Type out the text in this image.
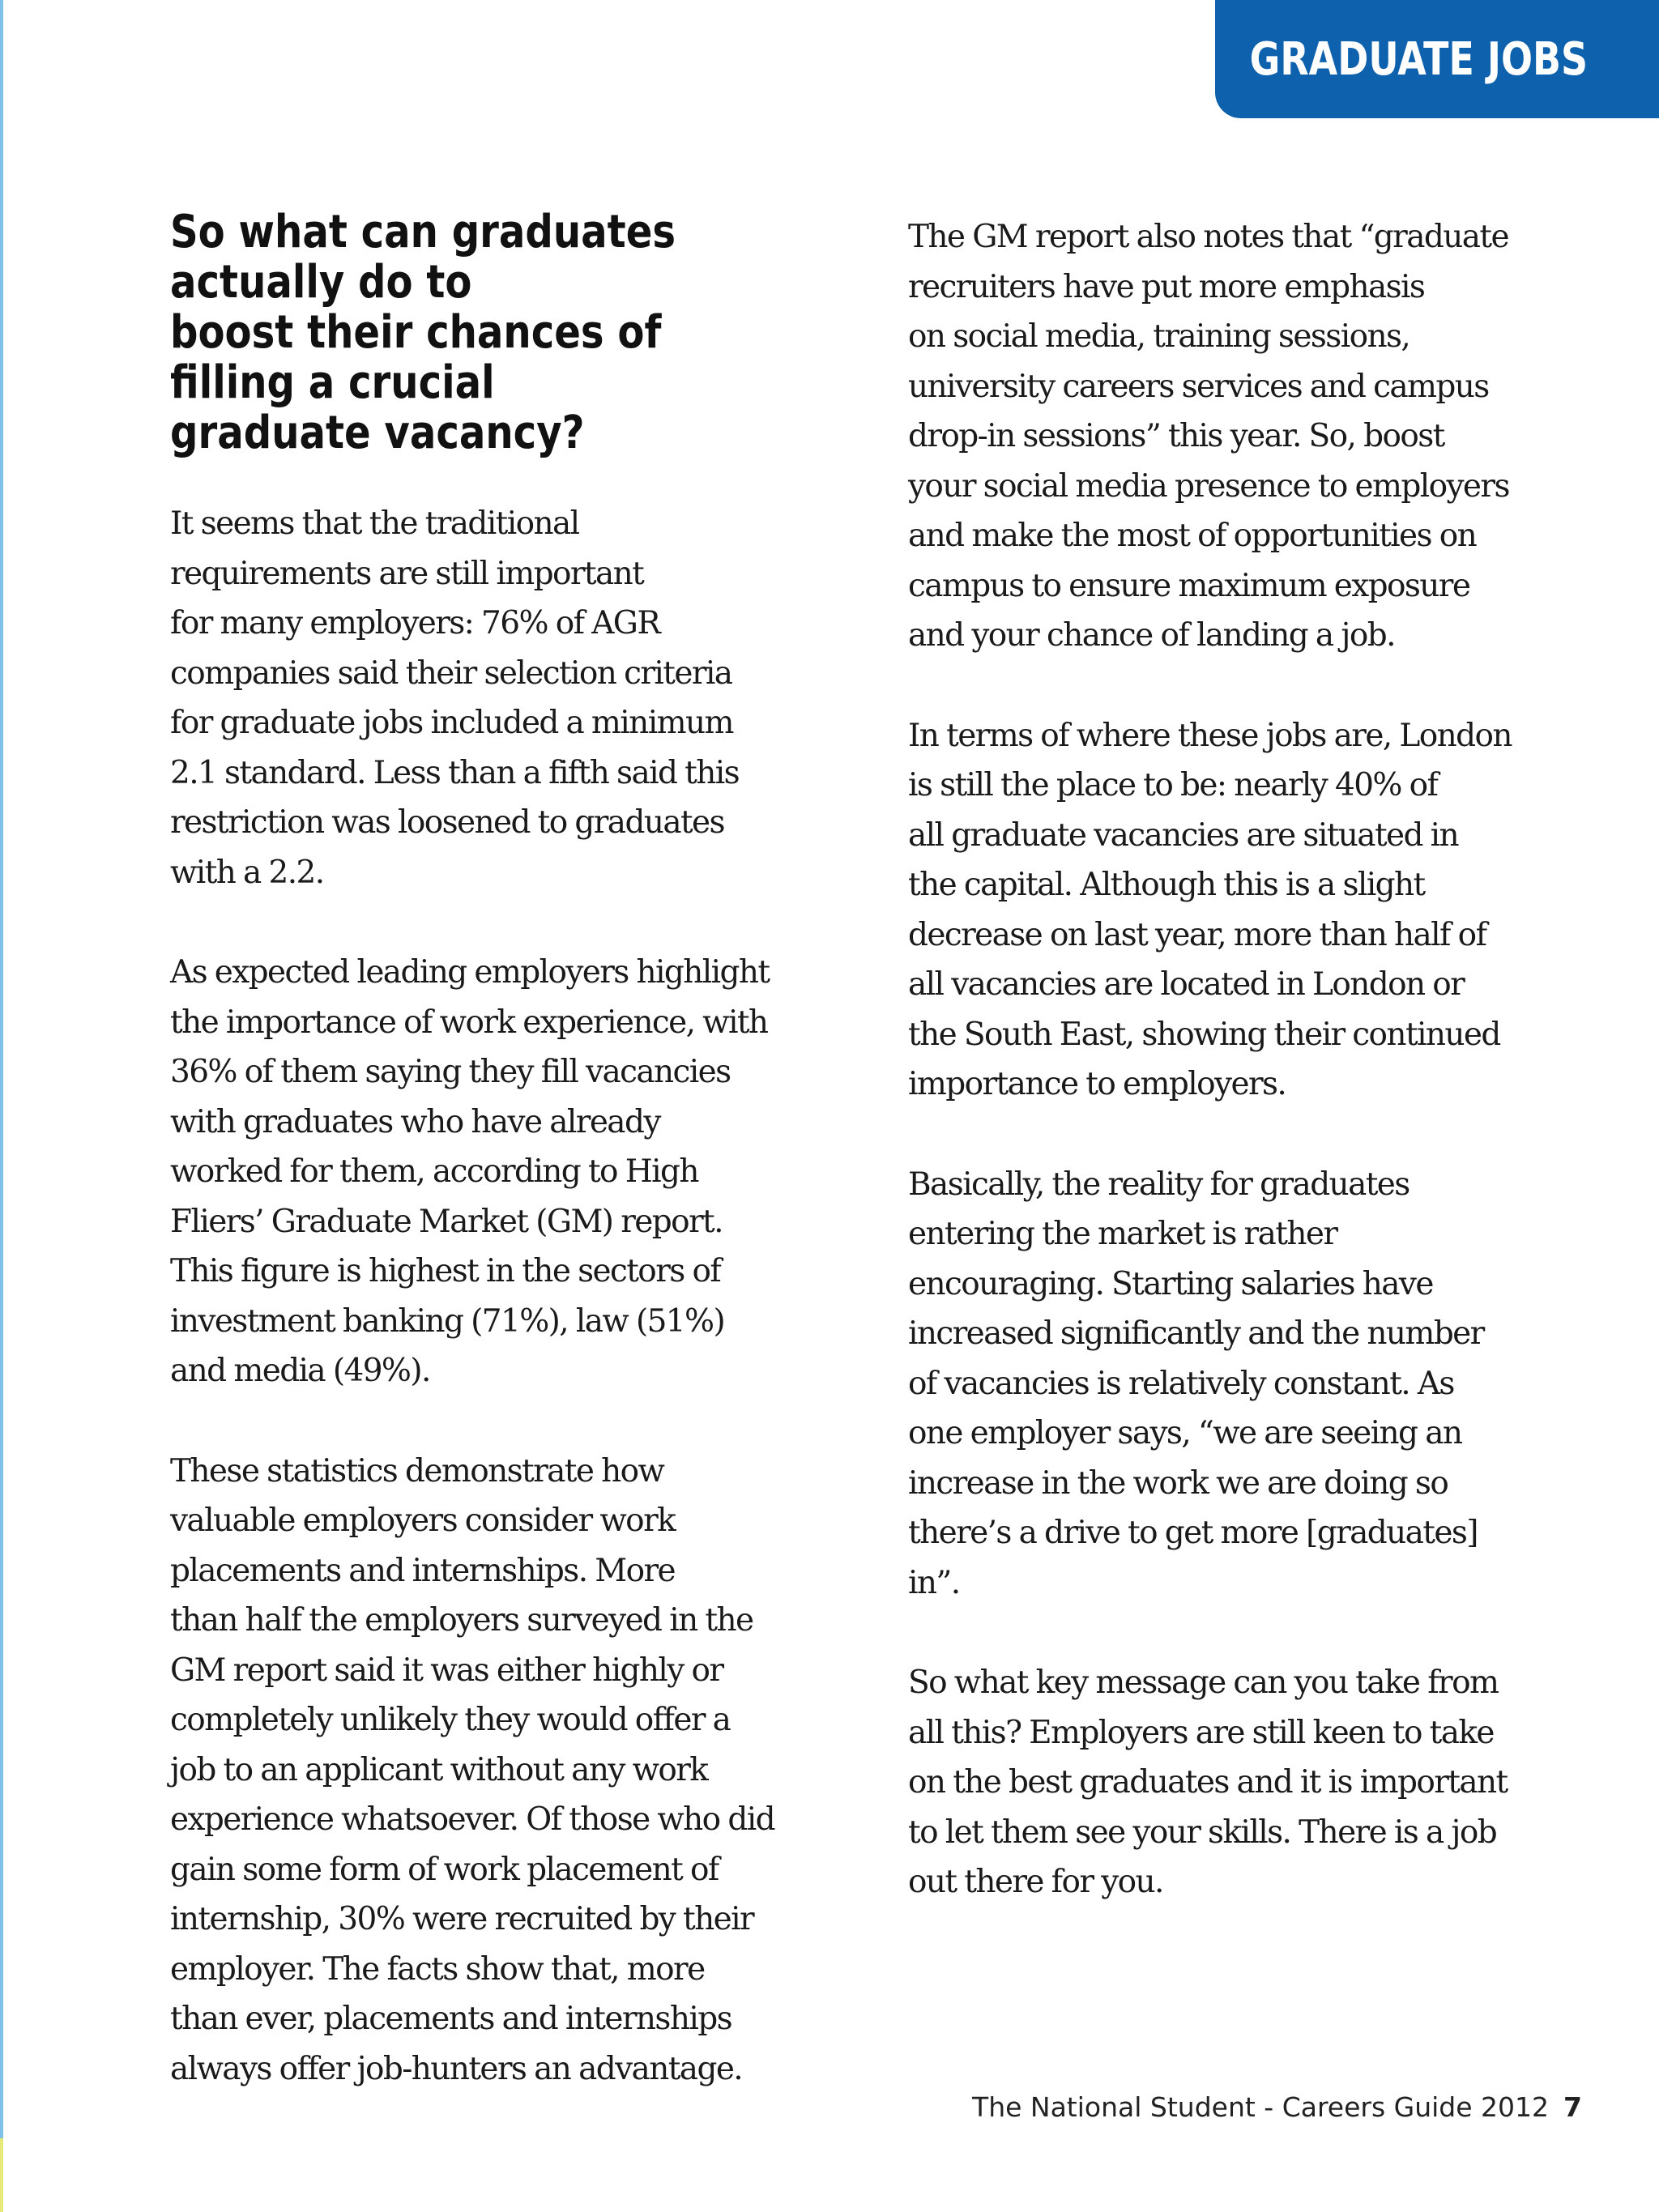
GRADUATE JOBS
So what can graduates actually do to
boost their chances of filling a crucial
graduate vacancy?

It seems that the traditional
requirements are still important
for many employers: 76% of AGR
companies said their selection criteria
for graduate jobs included a minimum
2.1 standard. Less than a fifth said this
restriction was loosened to graduates
with a 2.2.

As expected leading employers highlight
the importance of work experience, with
36% of them saying they fill vacancies
with graduates who have already
worked for them, according to High
Fliers’ Graduate Market (GM) report.
This figure is highest in the sectors of
investment banking (71%), law (51%)
and media (49%).

These statistics demonstrate how
valuable employers consider work
placements and internships. More
than half the employers surveyed in the
GM report said it was either highly or
completely unlikely they would offer a
job to an applicant without any work
experience whatsoever. Of those who did
gain some form of work placement of
internship, 30% were recruited by their
employer. The facts show that, more
than ever, placements and internships
always offer job-hunters an advantage.

The GM report also notes that “graduate
recruiters have put more emphasis
on social media, training sessions,
university careers services and campus
drop-in sessions” this year. So, boost
your social media presence to employers
and make the most of opportunities on
campus to ensure maximum exposure
and your chance of landing a job.

In terms of where these jobs are, London
is still the place to be: nearly 40% of
all graduate vacancies are situated in
the capital. Although this is a slight
decrease on last year, more than half of
all vacancies are located in London or
the South East, showing their continued
importance to employers.

Basically, the reality for graduates
entering the market is rather
encouraging. Starting salaries have
increased significantly and the number
of vacancies is relatively constant. As
one employer says, “we are seeing an
increase in the work we are doing so
there’s a drive to get more [graduates]
in”.

So what key message can you take from
all this? Employers are still keen to take
on the best graduates and it is important
to let them see your skills. There is a job
out there for you.

The National Student - Careers Guide 2012 7
